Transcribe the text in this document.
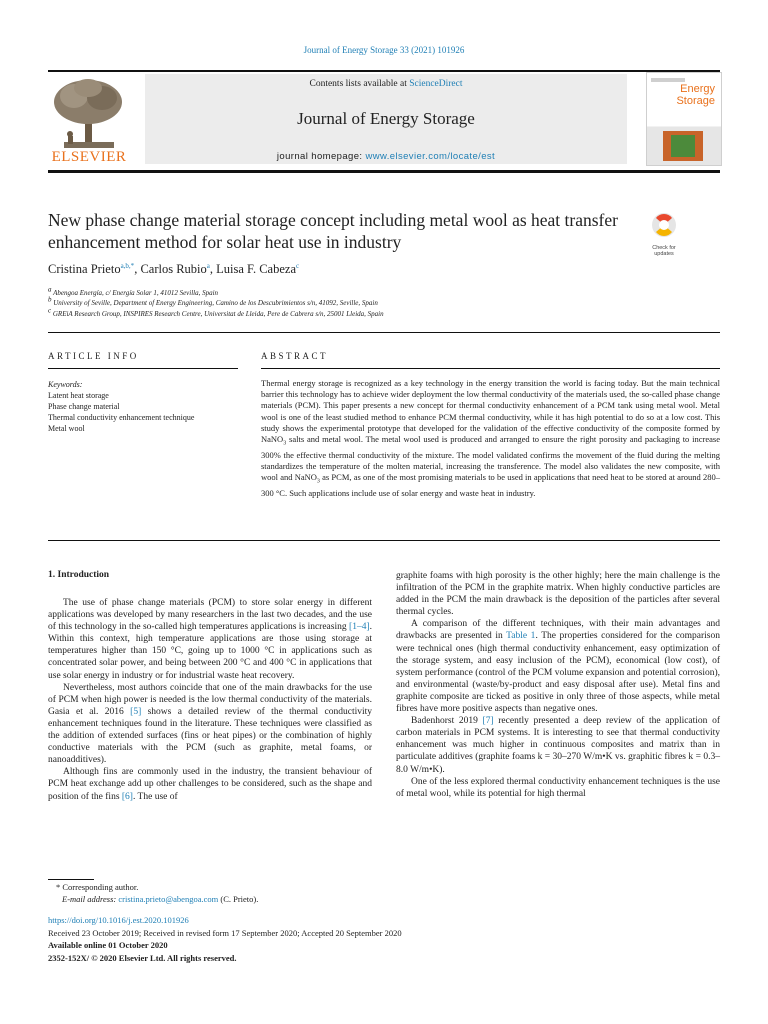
Journal of Energy Storage 33 (2021) 101926
ELSEVIER
Contents lists available at ScienceDirect
Journal of Energy Storage
journal homepage: www.elsevier.com/locate/est
Energy
Storage
New phase change material storage concept including metal wool as heat transfer enhancement method for solar heat use in industry	Check for
updates
Cristina Prieto$^{a,b,*}$, Carlos Rubio$^a$, Luisa F. Cabeza$^c$
$^a$ Abengoa Energía, c/ Energía Solar 1, 41012 Sevilla, Spain
$^b$ University of Seville, Department of Energy Engineering, Camino de los Descubrimientos s/n, 41092, Seville, Spain
$^c$ GREiA Research Group, INSPIRES Research Centre, Universitat de Lleida, Pere de Cabrera s/n, 25001 Lleida, Spain
ARTICLE INFO	ABSTRACT
Keywords:
Latent heat storage
Phase change material
Thermal conductivity enhancement technique
Metal wool
Thermal energy storage is recognized as a key technology in the energy transition the world is facing today. But the main technical barrier this technology has to achieve wider deployment the low thermal conductivity of the materials used, the so-called phase change materials (PCM). This paper presents a new concept for thermal conductivity enhancement of a PCM tank using metal wool. Metal wool is one of the least studied method to enhance PCM thermal conductivity, while it has high potential to do so at a low cost. This study shows the experimental prototype that developed for the validation of the effective conductivity of the composite formed by NaNO$_3$ salts and metal wool. The metal wool used is produced and arranged to ensure the right porosity and packaging to increase 300% the effective thermal conductivity of the mixture. The model validated confirms the movement of the fluid during the melting standardizes the temperature of the molten material, increasing the transference. The model also validates the new composite, with wool and NaNO$_3$ as PCM, as one of the most promising materials to be used in applications that need heat to be stored at around 280–300 °C. Such applications include use of solar energy and waste heat in industry.
1. Introduction

The use of phase change materials (PCM) to store solar energy in different applications was developed by many researchers in the last two decades, and the use of this technology in the so-called high temperatures applications is increasing [1–4]. Within this context, high temperature applications are those using storage at temperatures higher than 150 °C, going up to 1000 °C in applications such as concentrated solar power, and being between 200 °C and 400 °C in applications that use solar energy in industry or for industrial waste heat recovery.

Nevertheless, most authors coincide that one of the main drawbacks for the use of PCM when high power is needed is the low thermal conductivity of the materials. Gasia et al. 2016 [5] shows a detailed review of the thermal conductivity enhancement techniques found in the literature. These techniques were classified as the addition of extended surfaces (fins or heat pipes) or the combination of highly conductive materials with the PCM (such as graphite, metal foams, or nanoadditives).

Although fins are commonly used in the industry, the transient behaviour of PCM heat exchange add up other challenges to be considered, such as the shape and position of the fins [6]. The use of

graphite foams with high porosity is the other highly; here the main challenge is the infiltration of the PCM in the graphite matrix. When highly conductive particles are added in the PCM the main drawback is the deposition of the particles after several thermal cycles.

A comparison of the different techniques, with their main advantages and drawbacks are presented in Table 1. The properties considered for the comparison were technical ones (high thermal conductivity enhancement, easy optimization of the storage system, and easy inclusion of the PCM), economical (low cost), of system performance (control of the PCM volume expansion and potential corrosion), and environmental (waste/by-product and easy disposal after use). Metal fins and graphite composite are ticked as positive in only three of those aspects, while metal fibres have more positive aspects than negative ones.

Badenhorst 2019 [7] recently presented a deep review of the application of carbon materials in PCM systems. It is interesting to see that thermal conductivity enhancement was much higher in continuous composites and matrix than in particulate additives (graphite foams k = 30–270 W/m•K vs. graphitic fibres k = 0.3–8.0 W/m•K).

One of the less explored thermal conductivity enhancement techniques is the use of metal wool, while its potential for high thermal

* Corresponding author.
E-mail address: cristina.prieto@abengoa.com (C. Prieto).
https://doi.org/10.1016/j.est.2020.101926
Received 23 October 2019; Received in revised form 17 September 2020; Accepted 20 September 2020
Available online 01 October 2020
2352-152X/ © 2020 Elsevier Ltd. All rights reserved.
